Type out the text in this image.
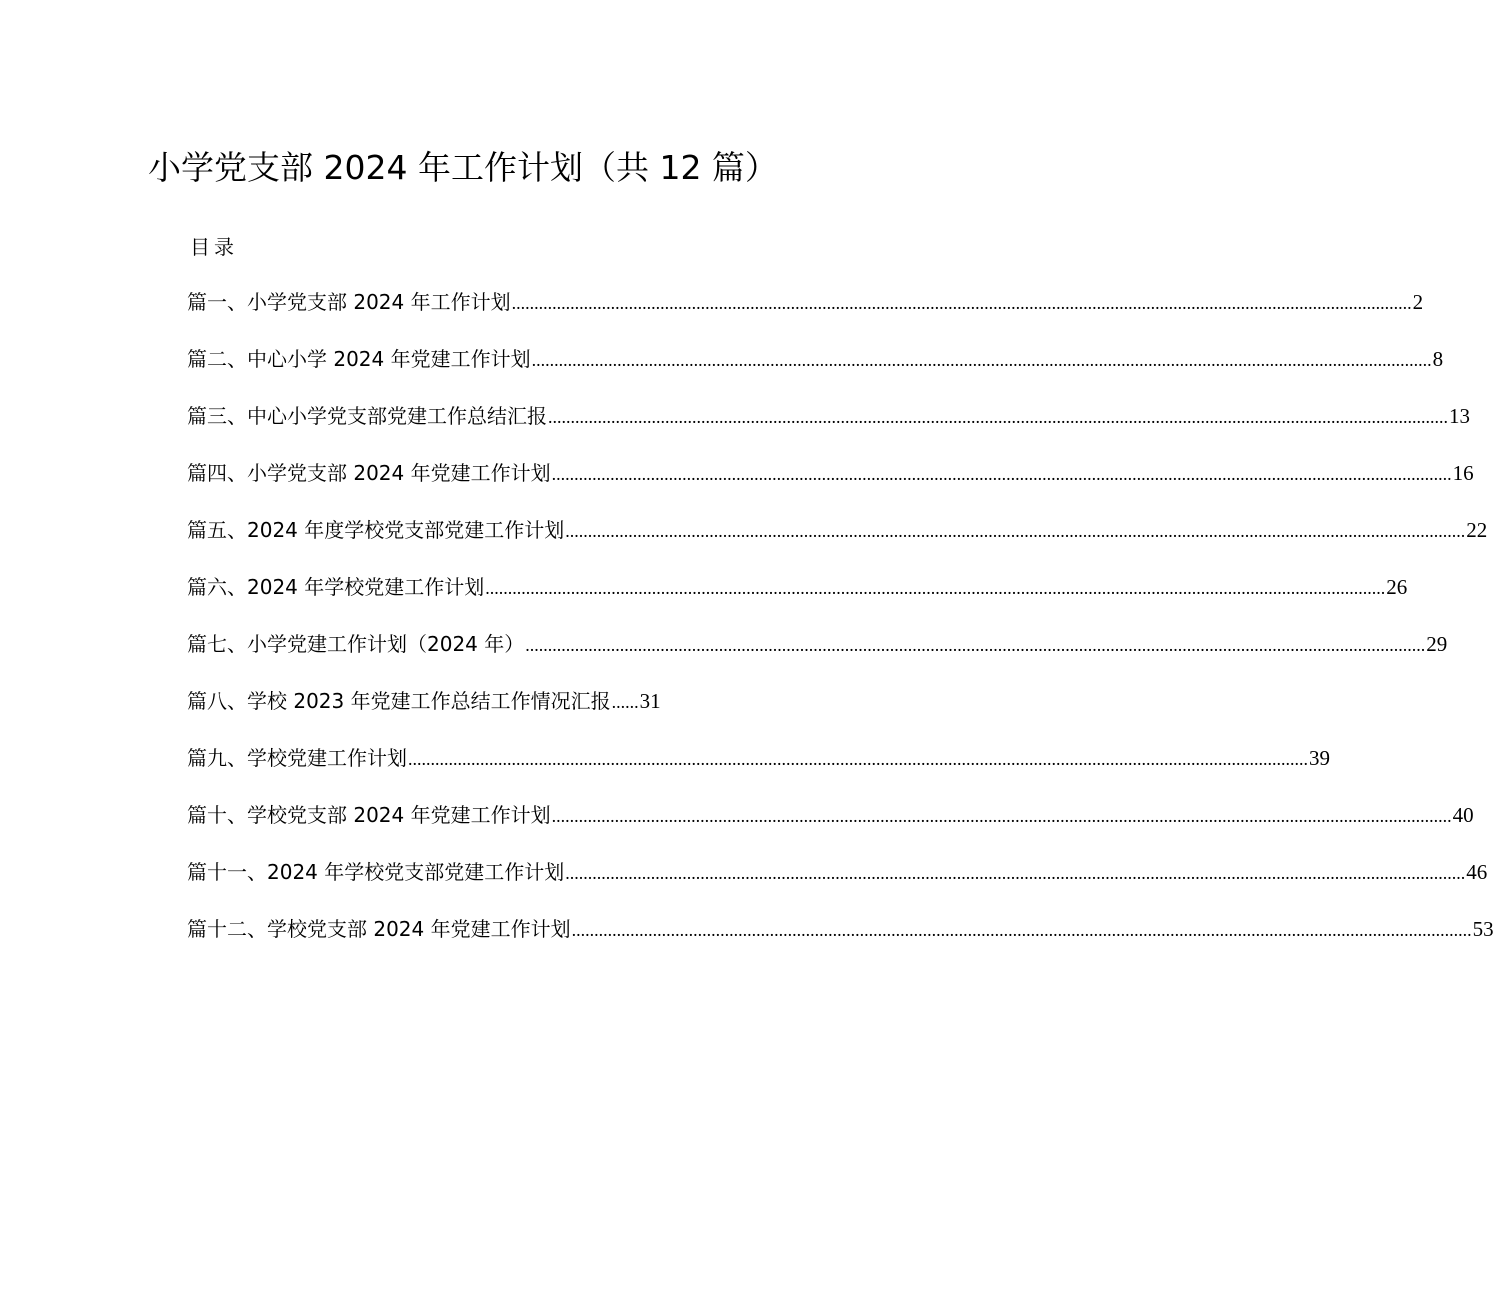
小学党支部 2024 年工作计划（共 12 篇）
目录
篇一、小学党支部 2024 年工作计划 ........................................................................................................................................................................................................ 2
篇二、中心小学 2024 年党建工作计划 ........................................................................................................................................................................................................ 8
篇三、中心小学党支部党建工作总结汇报 ........................................................................................................................................................................................................ 13
篇四、小学党支部 2024 年党建工作计划 ........................................................................................................................................................................................................ 16
篇五、2024 年度学校党支部党建工作计划 ........................................................................................................................................................................................................ 22
篇六、2024 年学校党建工作计划 ........................................................................................................................................................................................................ 26
篇七、小学党建工作计划（2024 年） ........................................................................................................................................................................................................ 29
篇八、学校 2023 年党建工作总结工作情况汇报 ...... 31
篇九、学校党建工作计划 ........................................................................................................................................................................................................ 39
篇十、学校党支部 2024 年党建工作计划 ........................................................................................................................................................................................................ 40
篇十一、2024 年学校党支部党建工作计划 ........................................................................................................................................................................................................ 46
篇十二、学校党支部 2024 年党建工作计划 ........................................................................................................................................................................................................ 53
